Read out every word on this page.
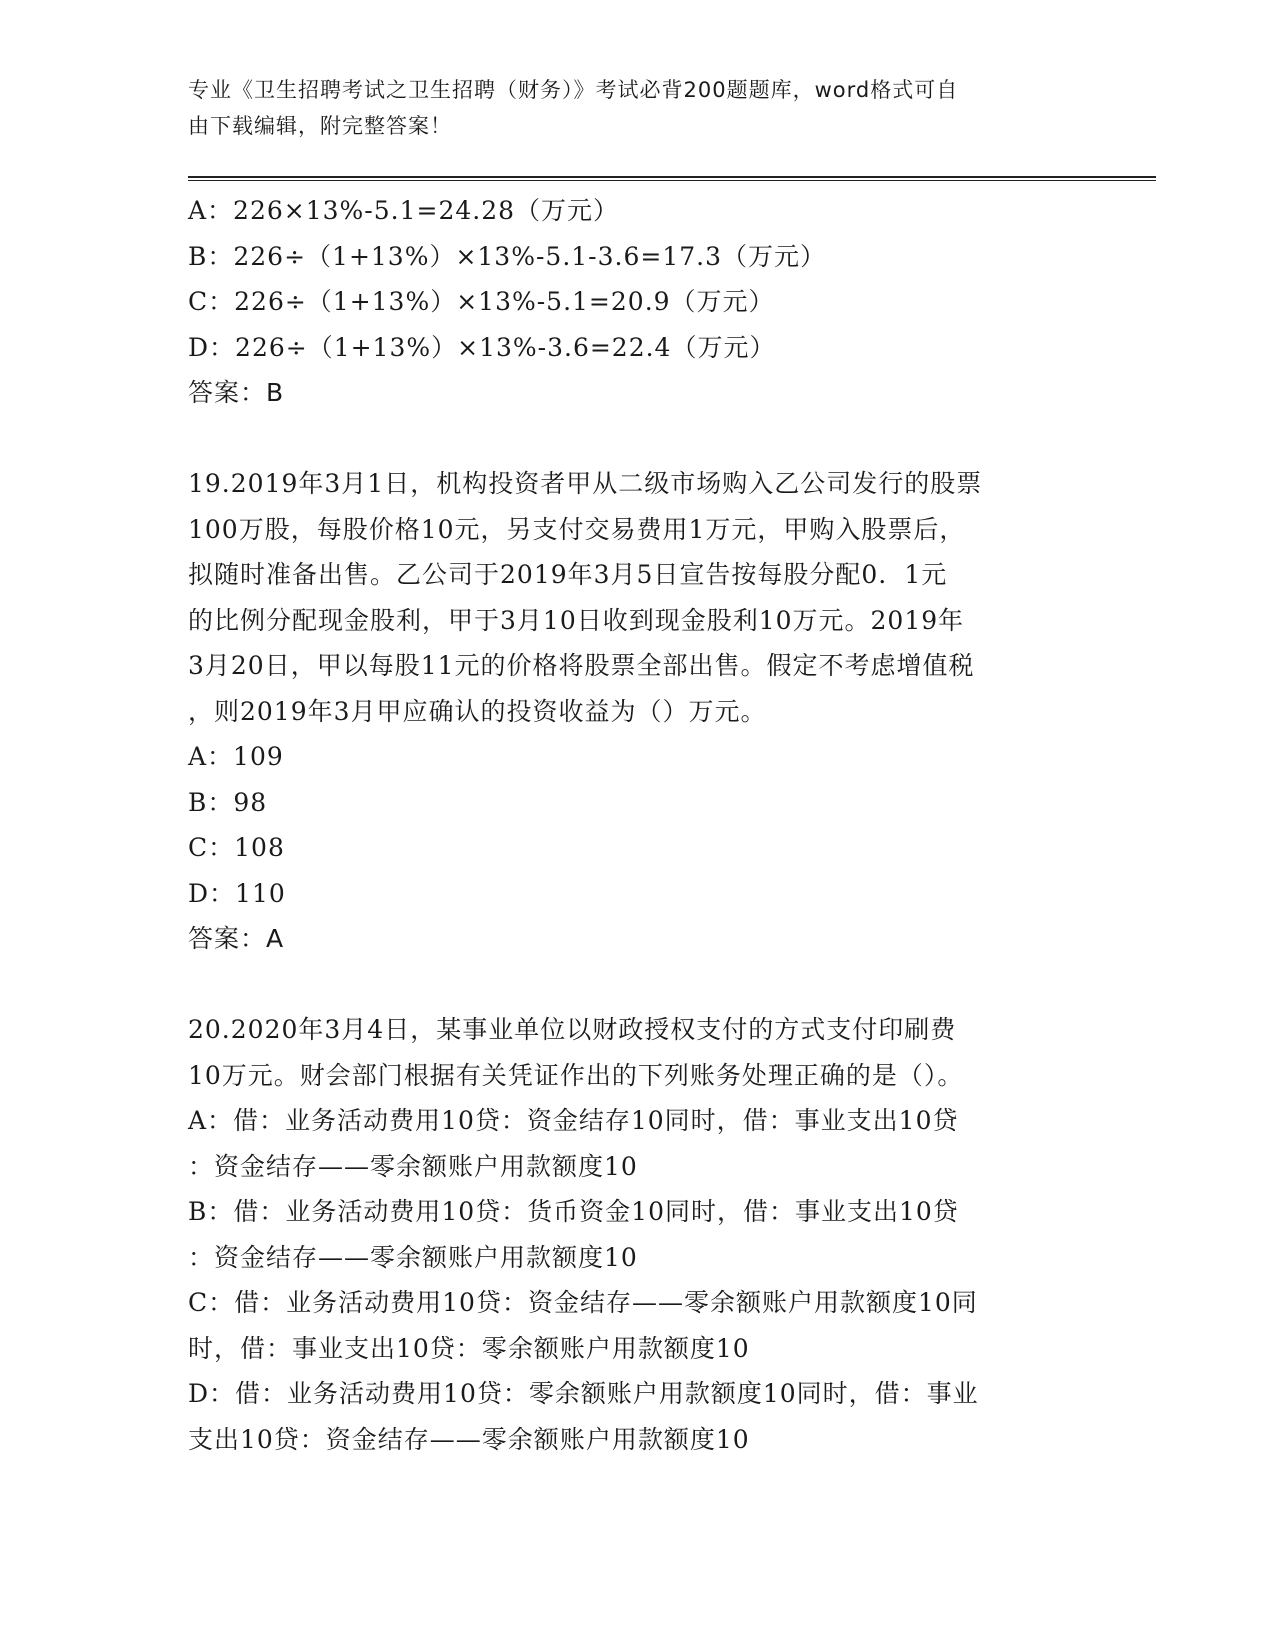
专业《卫生招聘考试之卫生招聘（财务）》考试必背200题题库，word格式可自
由下载编辑，附完整答案！
A：226×13%-5.1=24.28（万元）
B：226÷（1+13%）×13%-5.1-3.6=17.3（万元）
C：226÷（1+13%）×13%-5.1=20.9（万元）
D：226÷（1+13%）×13%-3.6=22.4（万元）
答案：B
19.2019年3月1日，机构投资者甲从二级市场购入乙公司发行的股票
100万股，每股价格10元，另支付交易费用1万元，甲购入股票后，
拟随时准备出售。乙公司于2019年3月5日宣告按每股分配0．1元
的比例分配现金股利，甲于3月10日收到现金股利10万元。2019年
3月20日，甲以每股11元的价格将股票全部出售。假定不考虑增值税
，则2019年3月甲应确认的投资收益为（）万元。
A：109
B：98
C：108
D：110
答案：A
20.2020年3月4日，某事业单位以财政授权支付的方式支付印刷费
10万元。财会部门根据有关凭证作出的下列账务处理正确的是（）。
A：借：业务活动费用10贷：资金结存10同时，借：事业支出10贷
：资金结存——零余额账户用款额度10
B：借：业务活动费用10贷：货币资金10同时，借：事业支出10贷
：资金结存——零余额账户用款额度10
C：借：业务活动费用10贷：资金结存——零余额账户用款额度10同
时，借：事业支出10贷：零余额账户用款额度10
D：借：业务活动费用10贷：零余额账户用款额度10同时，借：事业
支出10贷：资金结存——零余额账户用款额度10
